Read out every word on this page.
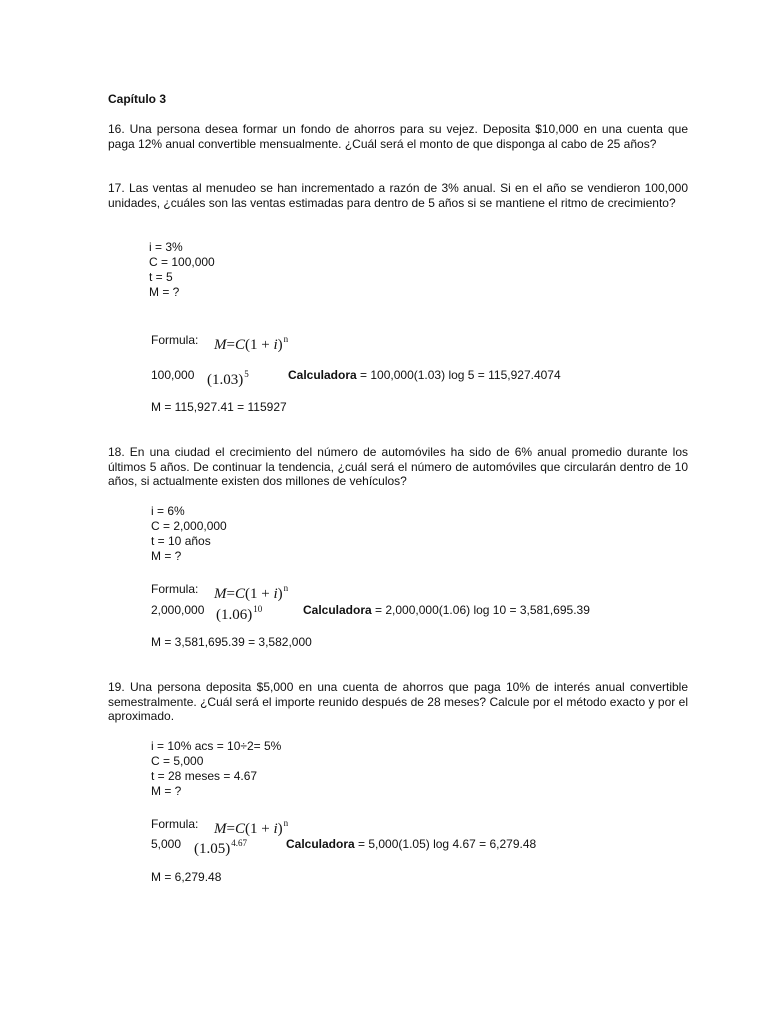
Capítulo 3
16. Una persona desea formar un fondo de ahorros para su vejez. Deposita $10,000 en una cuenta que paga 12% anual convertible mensualmente. ¿Cuál será el monto de que disponga al cabo de 25 años?
17. Las ventas al menudeo se han incrementado a razón de 3% anual. Si en el año se vendieron 100,000 unidades, ¿cuáles son las ventas estimadas para dentro de 5 años si se mantiene el ritmo de crecimiento?
i = 3%
C = 100,000
t = 5
M = ?
Formula: $M=C(1 + i)^n$
100,000 $(1.03)^5$	Calculadora = 100,000(1.03) log 5 = 115,927.4074
M = 115,927.41 = 115927
18. En una ciudad el crecimiento del número de automóviles ha sido de 6% anual promedio durante los últimos 5 años. De continuar la tendencia, ¿cuál será el número de automóviles que circularán dentro de 10 años, si actualmente existen dos millones de vehículos?
i = 6%
C = 2,000,000
t = 10 años
M = ?
Formula: $M=C(1 + i)^n$
2,000,000 $(1.06)^{10}$	Calculadora = 2,000,000(1.06) log 10 = 3,581,695.39
M = 3,581,695.39 = 3,582,000
19. Una persona deposita $5,000 en una cuenta de ahorros que paga 10% de interés anual convertible semestralmente. ¿Cuál será el importe reunido después de 28 meses? Calcule por el método exacto y por el aproximado.
i = 10% acs = 10÷2= 5%
C = 5,000
t = 28 meses = 4.67
M = ?
Formula: $M=C(1 + i)^n$
5,000 $(1.05)^{4.67}$	Calculadora = 5,000(1.05) log 4.67 = 6,279.48
M = 6,279.48
